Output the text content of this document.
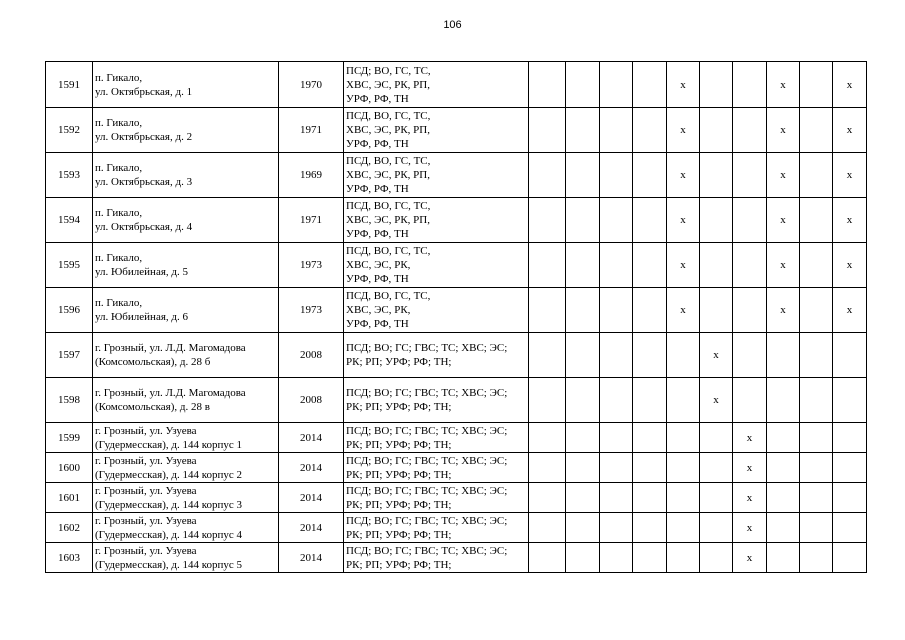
106
1591	п. Гикало,
ул. Октябрьская, д. 1	1970	ПСД; ВО, ГС, ТС,
ХВС, ЭС, РК, РП,
УРФ, РФ, ТН					x			x		x
1592	п. Гикало,
ул. Октябрьская, д. 2	1971	ПСД, ВО, ГС, ТС,
ХВС, ЭС, РК, РП,
УРФ, РФ, ТН					x			x		x
1593	п. Гикало,
ул. Октябрьская, д. 3	1969	ПСД, ВО, ГС, ТС,
ХВС, ЭС, РК, РП,
УРФ, РФ, ТН					x			x		x
1594	п. Гикало,
ул. Октябрьская, д. 4	1971	ПСД, ВО, ГС, ТС,
ХВС, ЭС, РК, РП,
УРФ, РФ, ТН					x			x		x
1595	п. Гикало,
ул. Юбилейная, д. 5	1973	ПСД, ВО, ГС, ТС,
ХВС, ЭС, РК,
УРФ, РФ, ТН					x			x		x
1596	п. Гикало,
ул. Юбилейная, д. 6	1973	ПСД, ВО, ГС, ТС,
ХВС, ЭС, РК,
УРФ, РФ, ТН					x			x		x
1597	г. Грозный, ул. Л.Д. Магомадова
(Комсомольская), д. 28 б	2008	ПСД; ВО; ГС; ГВС; ТС; ХВС; ЭС;
РК; РП; УРФ; РФ; ТН;						x				
1598	г. Грозный, ул. Л.Д. Магомадова
(Комсомольская), д. 28 в	2008	ПСД; ВО; ГС; ГВС; ТС; ХВС; ЭС;
РК; РП; УРФ; РФ; ТН;						x				
1599	г. Грозный, ул. Узуева
(Гудермесская), д. 144 корпус 1	2014	ПСД; ВО; ГС; ГВС; ТС; ХВС; ЭС;
РК; РП; УРФ; РФ; ТН;							x			
1600	г. Грозный, ул. Узуева
(Гудермесская), д. 144 корпус 2	2014	ПСД; ВО; ГС; ГВС; ТС; ХВС; ЭС;
РК; РП; УРФ; РФ; ТН;							x			
1601	г. Грозный, ул. Узуева
(Гудермесская), д. 144 корпус 3	2014	ПСД; ВО; ГС; ГВС; ТС; ХВС; ЭС;
РК; РП; УРФ; РФ; ТН;							x			
1602	г. Грозный, ул. Узуева
(Гудермесская), д. 144 корпус 4	2014	ПСД; ВО; ГС; ГВС; ТС; ХВС; ЭС;
РК; РП; УРФ; РФ; ТН;							x			
1603	г. Грозный, ул. Узуева
(Гудермесская), д. 144 корпус 5	2014	ПСД; ВО; ГС; ГВС; ТС; ХВС; ЭС;
РК; РП; УРФ; РФ; ТН;							x			
